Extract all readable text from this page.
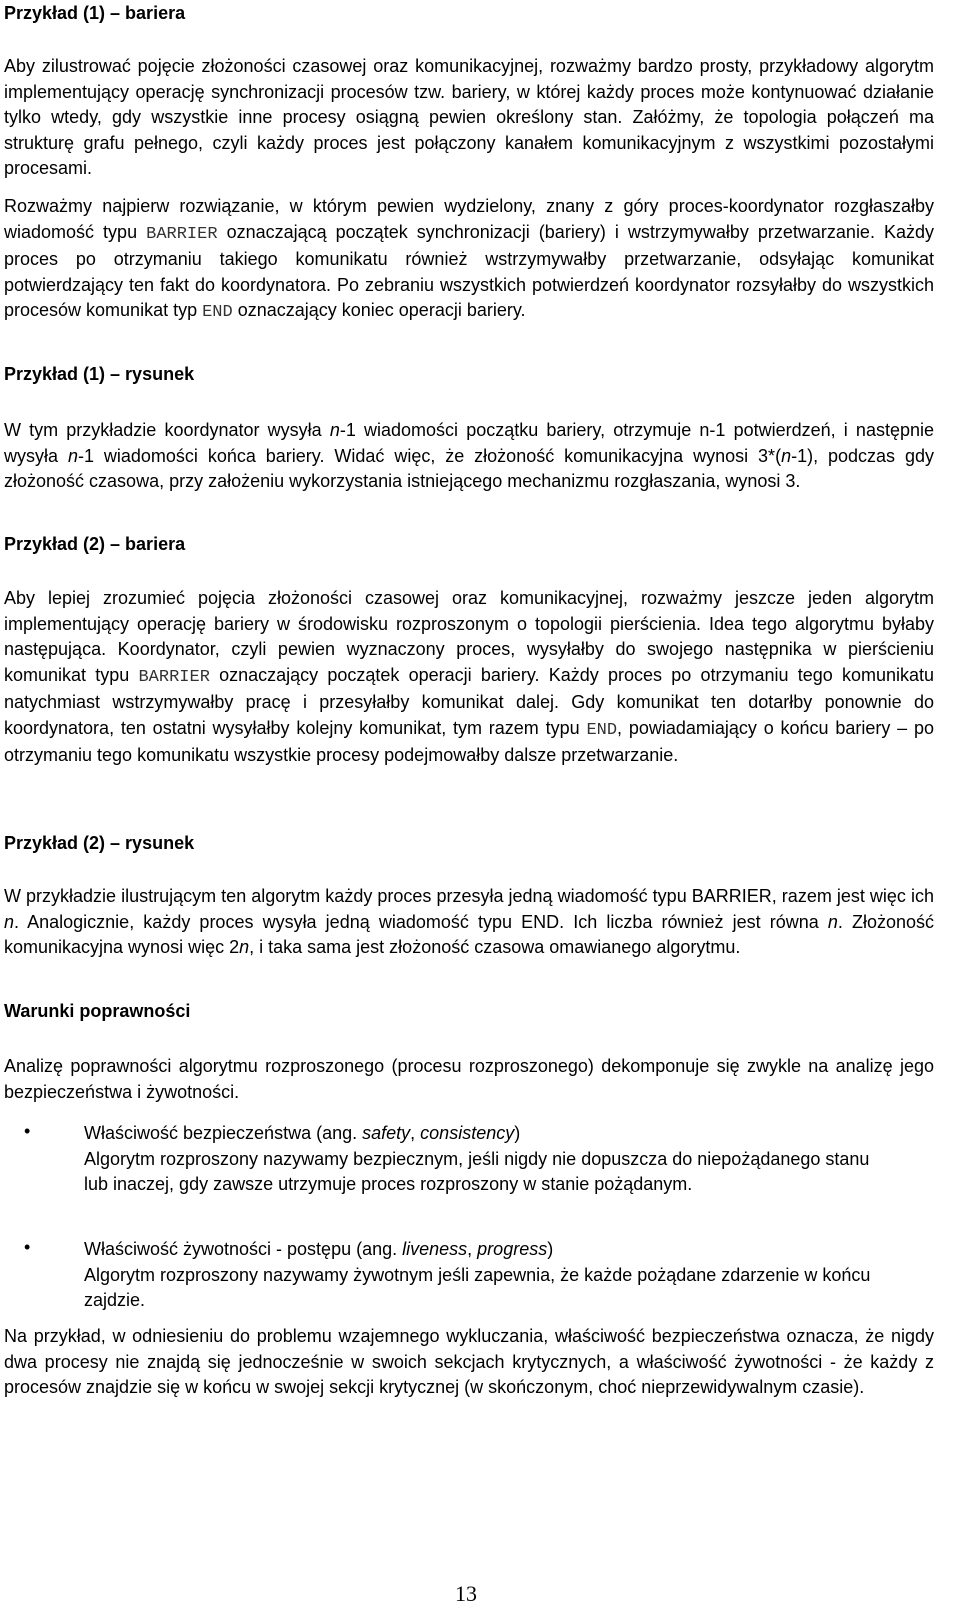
Przykład (1) – bariera

Aby zilustrować pojęcie złożoności czasowej oraz komunikacyjnej, rozważmy bardzo prosty, przykładowy algorytm implementujący operację synchronizacji procesów tzw. bariery, w której każdy proces może kontynuować działanie tylko wtedy, gdy wszystkie inne procesy osiągną pewien określony stan. Załóżmy, że topologia połączeń ma strukturę grafu pełnego, czyli każdy proces jest połączony kanałem komunikacyjnym z wszystkimi pozostałymi procesami.

Rozważmy najpierw rozwiązanie, w którym pewien wydzielony, znany z góry proces-koordynator rozgłaszałby wiadomość typu BARRIER oznaczającą początek synchronizacji (bariery) i wstrzymywałby przetwarzanie. Każdy proces po otrzymaniu takiego komunikatu również wstrzymywałby przetwarzanie, odsyłając komunikat potwierdzający ten fakt do koordynatora. Po zebraniu wszystkich potwierdzeń koordynator rozsyłałby do wszystkich procesów komunikat typ END oznaczający koniec operacji bariery.

Przykład (1) – rysunek

W tym przykładzie koordynator wysyła n-1 wiadomości początku bariery, otrzymuje n-1 potwierdzeń, i następnie wysyła n-1 wiadomości końca bariery. Widać więc, że złożoność komunikacyjna wynosi 3*(n-1), podczas gdy złożoność czasowa, przy założeniu wykorzystania istniejącego mechanizmu rozgłaszania, wynosi 3.

Przykład (2) – bariera

Aby lepiej zrozumieć pojęcia złożoności czasowej oraz komunikacyjnej, rozważmy jeszcze jeden algorytm implementujący operację bariery w środowisku rozproszonym o topologii pierścienia. Idea tego algorytmu byłaby następująca. Koordynator, czyli pewien wyznaczony proces, wysyłałby do swojego następnika w pierścieniu komunikat typu BARRIER oznaczający początek operacji bariery. Każdy proces po otrzymaniu tego komunikatu natychmiast wstrzymywałby pracę i przesyłałby komunikat dalej. Gdy komunikat ten dotarłby ponownie do koordynatora, ten ostatni wysyłałby kolejny komunikat, tym razem typu END, powiadamiający o końcu bariery – po otrzymaniu tego komunikatu wszystkie procesy podejmowałby dalsze przetwarzanie.

Przykład (2) – rysunek

W przykładzie ilustrującym ten algorytm każdy proces przesyła jedną wiadomość typu BARRIER, razem jest więc ich n. Analogicznie, każdy proces wysyła jedną wiadomość typu END. Ich liczba również jest równa n. Złożoność komunikacyjna wynosi więc 2n, i taka sama jest złożoność czasowa omawianego algorytmu.

Warunki poprawności

Analizę poprawności algorytmu rozproszonego (procesu rozproszonego) dekomponuje się zwykle na analizę jego bezpieczeństwa i żywotności.

•	Właściwość bezpieczeństwa (ang. safety, consistency)
Algorytm rozproszony nazywamy bezpiecznym, jeśli nigdy nie dopuszcza do niepożądanego stanu lub inaczej, gdy zawsze utrzymuje proces rozproszony w stanie pożądanym.
•	Właściwość żywotności - postępu (ang. liveness, progress)
Algorytm rozproszony nazywamy żywotnym jeśli zapewnia, że każde pożądane zdarzenie w końcu zajdzie.

Na przykład, w odniesieniu do problemu wzajemnego wykluczania, właściwość bezpieczeństwa oznacza, że nigdy dwa procesy nie znajdą się jednocześnie w swoich sekcjach krytycznych, a właściwość żywotności - że każdy z procesów znajdzie się w końcu w swojej sekcji krytycznej (w skończonym, choć nieprzewidywalnym czasie).

13
